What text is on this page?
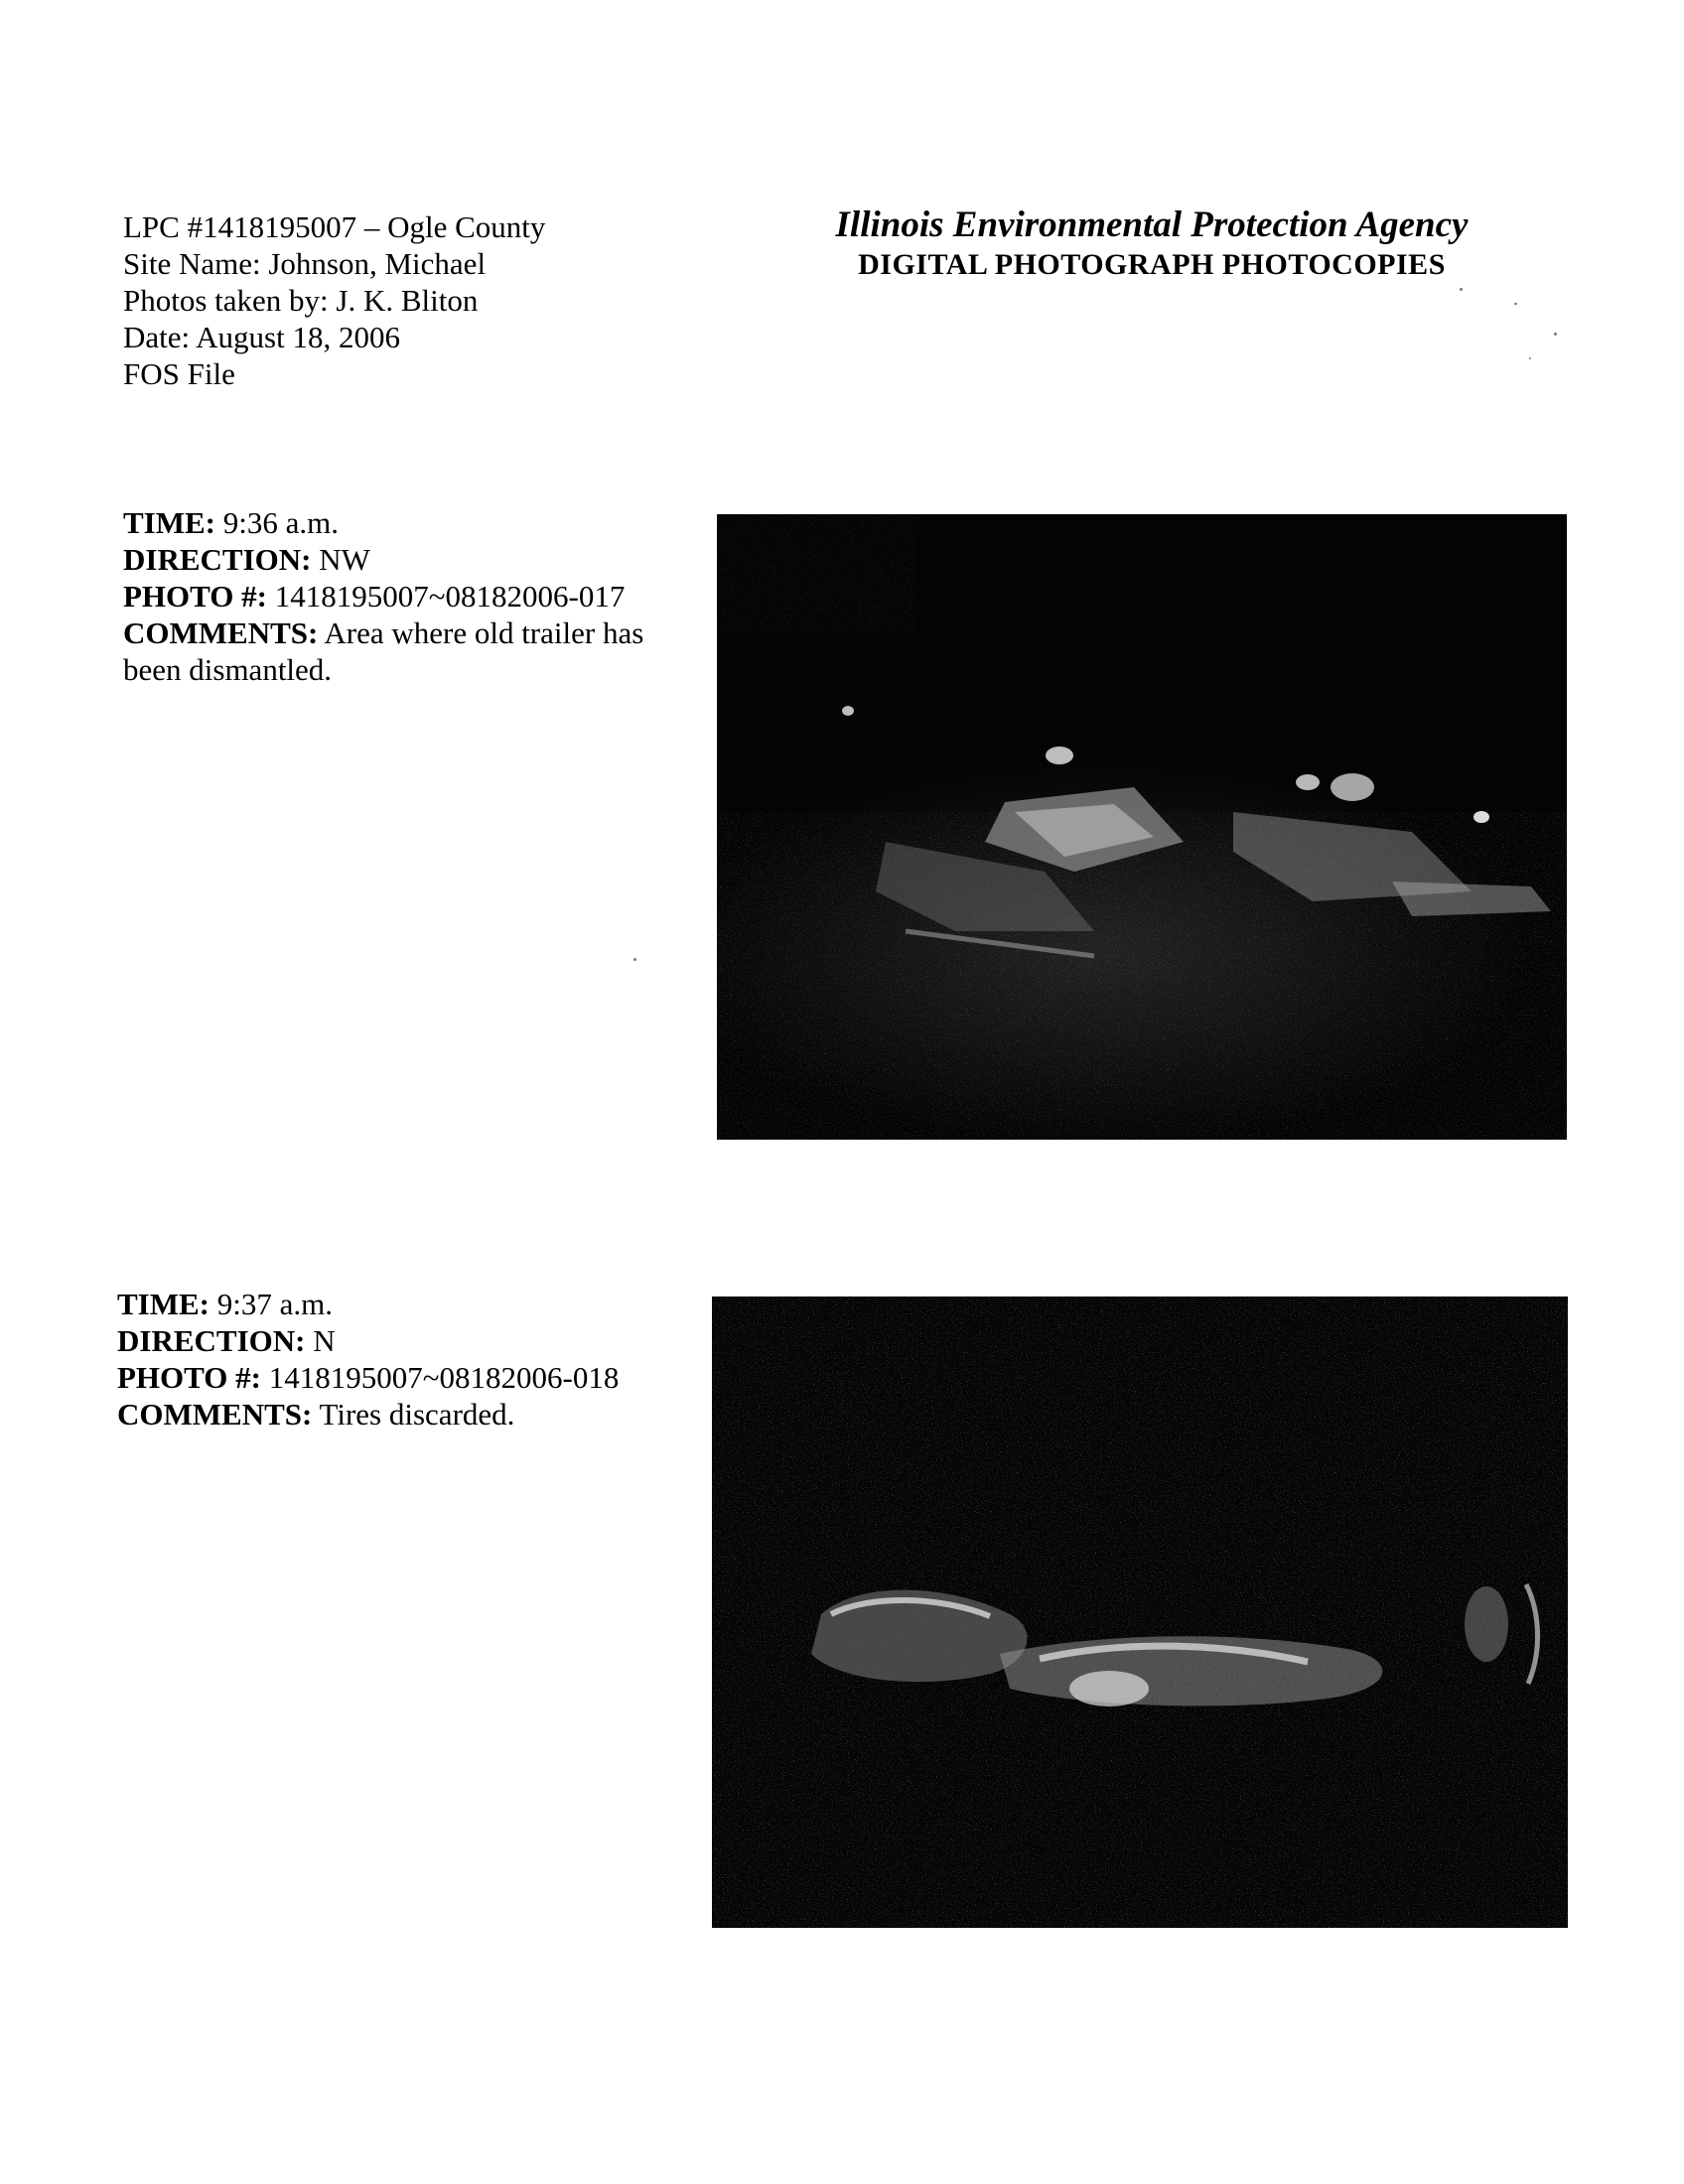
LPC #1418195007 – Ogle County
Site Name: Johnson, Michael
Photos taken by: J. K. Bliton
Date: August 18, 2006
FOS File
Illinois Environmental Protection Agency
DIGITAL PHOTOGRAPH PHOTOCOPIES
TIME: 9:36 a.m.
DIRECTION: NW
PHOTO #: 1418195007~08182006-017
COMMENTS: Area where old trailer has been dismantled.
TIME: 9:37 a.m.
DIRECTION: N
PHOTO #: 1418195007~08182006-018
COMMENTS: Tires discarded.
